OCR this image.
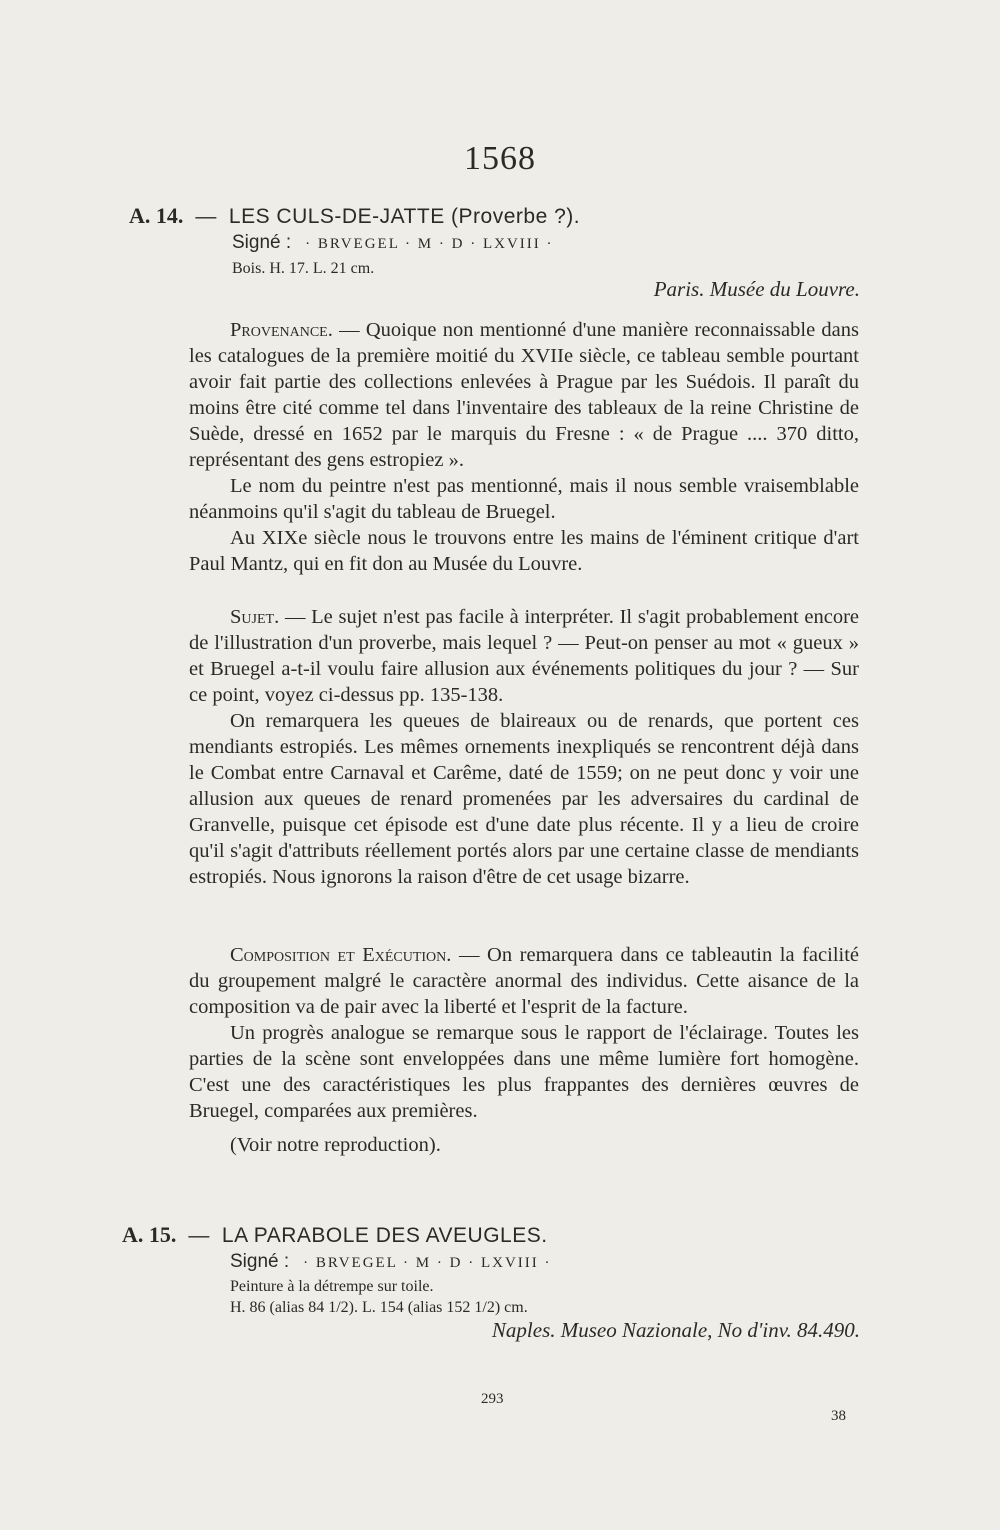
1568
A. 14. — LES CULS-DE-JATTE (Proverbe ?).
Signé : · BRVEGEL · M · D · LXVIII ·
Bois. H. 17. L. 21 cm.
Paris. Musée du Louvre.

Provenance. — Quoique non mentionné d'une manière reconnaissable dans les catalogues de la première moitié du XVIIe siècle, ce tableau semble pourtant avoir fait partie des collections enlevées à Prague par les Suédois. Il paraît du moins être cité comme tel dans l'inventaire des tableaux de la reine Christine de Suède, dressé en 1652 par le marquis du Fresne : « de Prague .... 370 ditto, représentant des gens estropiez ».

Le nom du peintre n'est pas mentionné, mais il nous semble vraisemblable néanmoins qu'il s'agit du tableau de Bruegel.

Au XIXe siècle nous le trouvons entre les mains de l'éminent critique d'art Paul Mantz, qui en fit don au Musée du Louvre.

Sujet. — Le sujet n'est pas facile à interpréter. Il s'agit probablement encore de l'illustration d'un proverbe, mais lequel ? — Peut-on penser au mot « gueux » et Bruegel a-t-il voulu faire allusion aux événements politiques du jour ? — Sur ce point, voyez ci-dessus pp. 135-138.

On remarquera les queues de blaireaux ou de renards, que portent ces mendiants estropiés. Les mêmes ornements inexpliqués se rencontrent déjà dans le Combat entre Carnaval et Carême, daté de 1559; on ne peut donc y voir une allusion aux queues de renard promenées par les adversaires du cardinal de Granvelle, puisque cet épisode est d'une date plus récente. Il y a lieu de croire qu'il s'agit d'attributs réellement portés alors par une certaine classe de mendiants estropiés. Nous ignorons la raison d'être de cet usage bizarre.

Composition et Exécution. — On remarquera dans ce tableautin la facilité du groupement malgré le caractère anormal des individus. Cette aisance de la composition va de pair avec la liberté et l'esprit de la facture.

Un progrès analogue se remarque sous le rapport de l'éclairage. Toutes les parties de la scène sont enveloppées dans une même lumière fort homogène. C'est une des caractéristiques les plus frappantes des dernières œuvres de Bruegel, comparées aux premières.

(Voir notre reproduction).

A. 15. — LA PARABOLE DES AVEUGLES.
Signé : · BRVEGEL · M · D · LXVIII ·
Peinture à la détrempe sur toile.
H. 86 (alias 84 1/2). L. 154 (alias 152 1/2) cm.
Naples. Museo Nazionale, No d'inv. 84.490.
293
38
